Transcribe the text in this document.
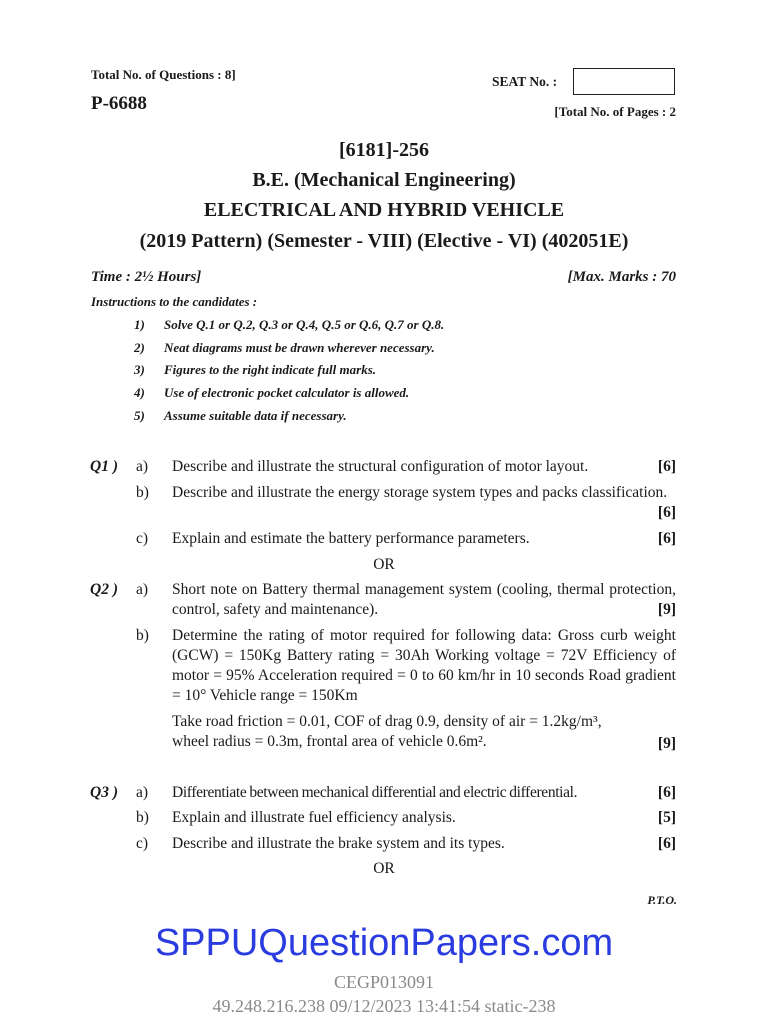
Total No. of Questions : 8]	SEAT No. :
P-6688	[Total No. of Pages : 2
[6181]-256
B.E. (Mechanical Engineering)
ELECTRICAL AND HYBRID VEHICLE
(2019 Pattern) (Semester - VIII) (Elective - VI) (402051E)
Time : 2½ Hours]	[Max. Marks : 70
Instructions to the candidates :
1) Solve Q.1 or Q.2, Q.3 or Q.4, Q.5 or Q.6, Q.7 or Q.8.
2) Neat diagrams must be drawn wherever necessary.
3) Figures to the right indicate full marks.
4) Use of electronic pocket calculator is allowed.
5) Assume suitable data if necessary.
Q1 ) a) Describe and illustrate the structural configuration of motor layout.	[6]
b) Describe and illustrate the energy storage system types and packs classification.
[6]
c) Explain and estimate the battery performance parameters.	[6]
OR
Q2 ) a) Short note on Battery thermal management system (cooling, thermal protection, control, safety and maintenance).	[9]
b) Determine the rating of motor required for following data: Gross curb weight (GCW) = 150Kg Battery rating = 30Ah Working voltage = 72V Efficiency of motor = 95% Acceleration required = 0 to 60 km/hr in 10 seconds Road gradient = 10° Vehicle range = 150Km
Take road friction = 0.01, COF of drag 0.9, density of air = 1.2kg/m³, wheel radius = 0.3m, frontal area of vehicle 0.6m².	[9]
Q3 ) a) Differentiate between mechanical differential and electric differential.	[6]
b) Explain and illustrate fuel efficiency analysis.	[5]
c) Describe and illustrate the brake system and its types.	[6]
OR
P.T.O.
SPPUQuestionPapers.com
CEGP013091
49.248.216.238 09/12/2023 13:41:54 static-238
